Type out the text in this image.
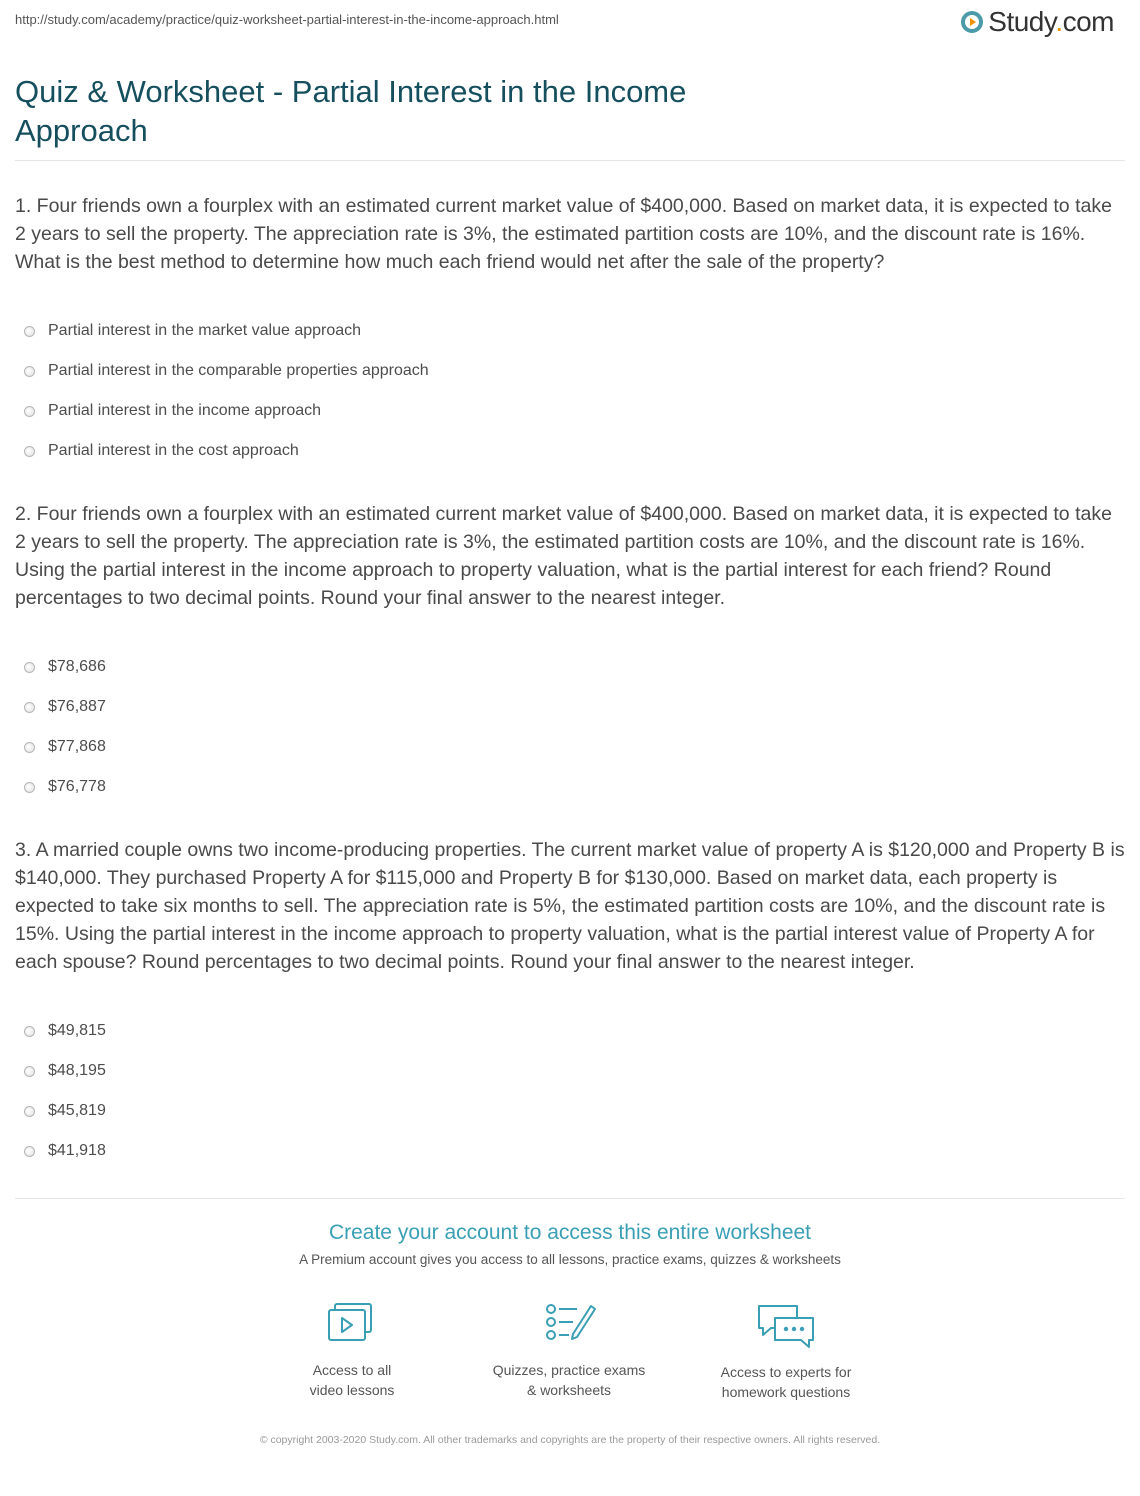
http://study.com/academy/practice/quiz-worksheet-partial-interest-in-the-income-approach.html	Study.com
Quiz & Worksheet - Partial Interest in the Income Approach

1. Four friends own a fourplex with an estimated current market value of $400,000. Based on market data, it is expected to take 2 years to sell the property. The appreciation rate is 3%, the estimated partition costs are 10%, and the discount rate is 16%. What is the best method to determine how much each friend would net after the sale of the property?

Partial interest in the market value approach
Partial interest in the comparable properties approach
Partial interest in the income approach
Partial interest in the cost approach

2. Four friends own a fourplex with an estimated current market value of $400,000. Based on market data, it is expected to take 2 years to sell the property. The appreciation rate is 3%, the estimated partition costs are 10%, and the discount rate is 16%. Using the partial interest in the income approach to property valuation, what is the partial interest for each friend? Round percentages to two decimal points. Round your final answer to the nearest integer.

$78,686
$76,887
$77,868
$76,778

3. A married couple owns two income-producing properties. The current market value of property A is $120,000 and Property B is $140,000. They purchased Property A for $115,000 and Property B for $130,000. Based on market data, each property is expected to take six months to sell. The appreciation rate is 5%, the estimated partition costs are 10%, and the discount rate is 15%. Using the partial interest in the income approach to property valuation, what is the partial interest value of Property A for each spouse? Round percentages to two decimal points. Round your final answer to the nearest integer.

$49,815
$48,195
$45,819
$41,918
Create your account to access this entire worksheet
A Premium account gives you access to all lessons, practice exams, quizzes & worksheets
Access to all
video lessons
Quizzes, practice exams
& worksheets
Access to experts for
homework questions
© copyright 2003-2020 Study.com. All other trademarks and copyrights are the property of their respective owners. All rights reserved.
